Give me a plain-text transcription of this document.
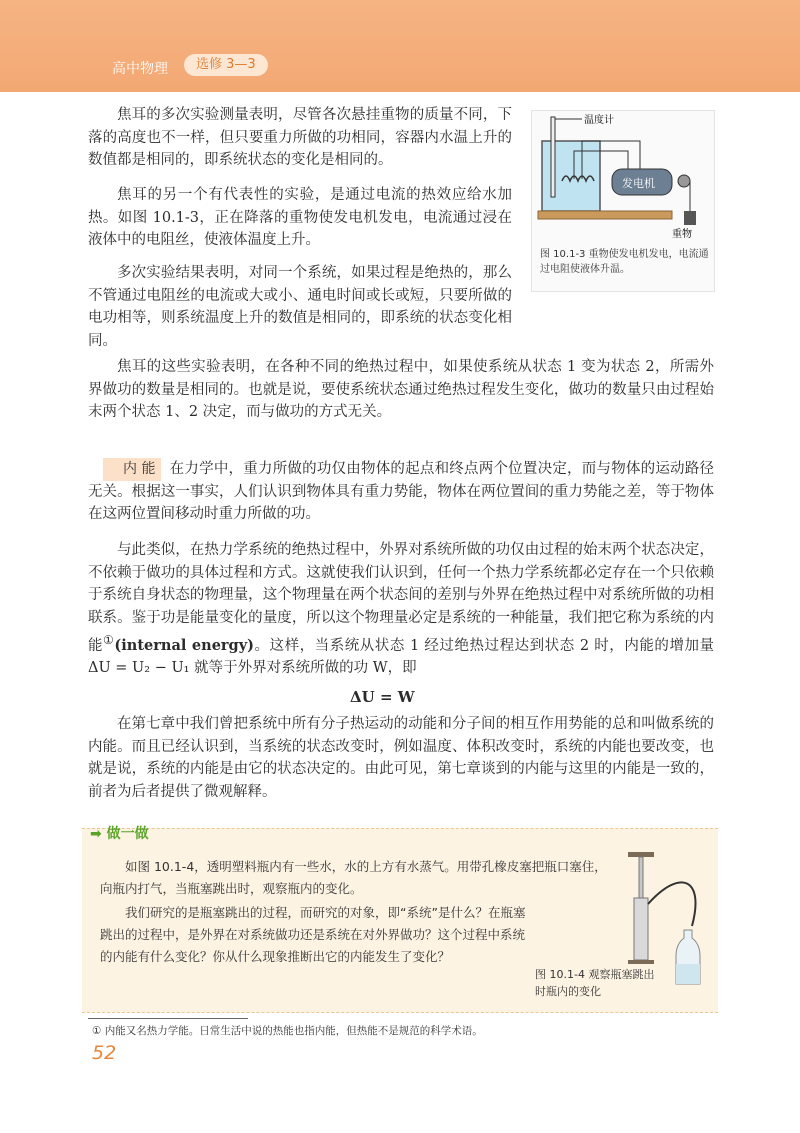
高中物理	选修 3—3
温度计
发电机
重物
图 10.1-3 重物使发电机发电，电流通过电阻使液体升温。
焦耳的多次实验测量表明，尽管各次悬挂重物的质量不同，下落的高度也不一样，但只要重力所做的功相同，容器内水温上升的数值都是相同的，即系统状态的变化是相同的。
焦耳的另一个有代表性的实验，是通过电流的热效应给水加热。如图 10.1-3，正在降落的重物使发电机发电，电流通过浸在液体中的电阻丝，使液体温度上升。
多次实验结果表明，对同一个系统，如果过程是绝热的，那么不管通过电阻丝的电流或大或小、通电时间或长或短，只要所做的电功相等，则系统温度上升的数值是相同的，即系统的状态变化相同。
焦耳的这些实验表明，在各种不同的绝热过程中，如果使系统从状态 1 变为状态 2，所需外界做功的数量是相同的。也就是说，要使系统状态通过绝热过程发生变化，做功的数量只由过程始末两个状态 1、2 决定，而与做功的方式无关。
内 能 在力学中，重力所做的功仅由物体的起点和终点两个位置决定，而与物体的运动路径无关。根据这一事实，人们认识到物体具有重力势能，物体在两位置间的重力势能之差，等于物体在这两位置间移动时重力所做的功。
与此类似，在热力学系统的绝热过程中，外界对系统所做的功仅由过程的始末两个状态决定，不依赖于做功的具体过程和方式。这就使我们认识到，任何一个热力学系统都必定存在一个只依赖于系统自身状态的物理量，这个物理量在两个状态间的差别与外界在绝热过程中对系统所做的功相联系。鉴于功是能量变化的量度，所以这个物理量必定是系统的一种能量，我们把它称为系统的内能①(internal energy)。这样，当系统从状态 1 经过绝热过程达到状态 2 时，内能的增加量 ΔU = U₂ − U₁ 就等于外界对系统所做的功 W，即
ΔU = W
在第七章中我们曾把系统中所有分子热运动的动能和分子间的相互作用势能的总和叫做系统的内能。而且已经认识到，当系统的状态改变时，例如温度、体积改变时，系统的内能也要改变，也就是说，系统的内能是由它的状态决定的。由此可见，第七章谈到的内能与这里的内能是一致的，前者为后者提供了微观解释。
➡ 做一做
如图 10.1-4，透明塑料瓶内有一些水，水的上方有水蒸气。用带孔橡皮塞把瓶口塞住，向瓶内打气，当瓶塞跳出时，观察瓶内的变化。
我们研究的是瓶塞跳出的过程，而研究的对象，即“系统”是什么？在瓶塞跳出的过程中，是外界在对系统做功还是系统在对外界做功？这个过程中系统的内能有什么变化？你从什么现象推断出它的内能发生了变化？
图 10.1-4 观察瓶塞跳出时瓶内的变化
① 内能又名热力学能。日常生活中说的热能也指内能，但热能不是规范的科学术语。
52
